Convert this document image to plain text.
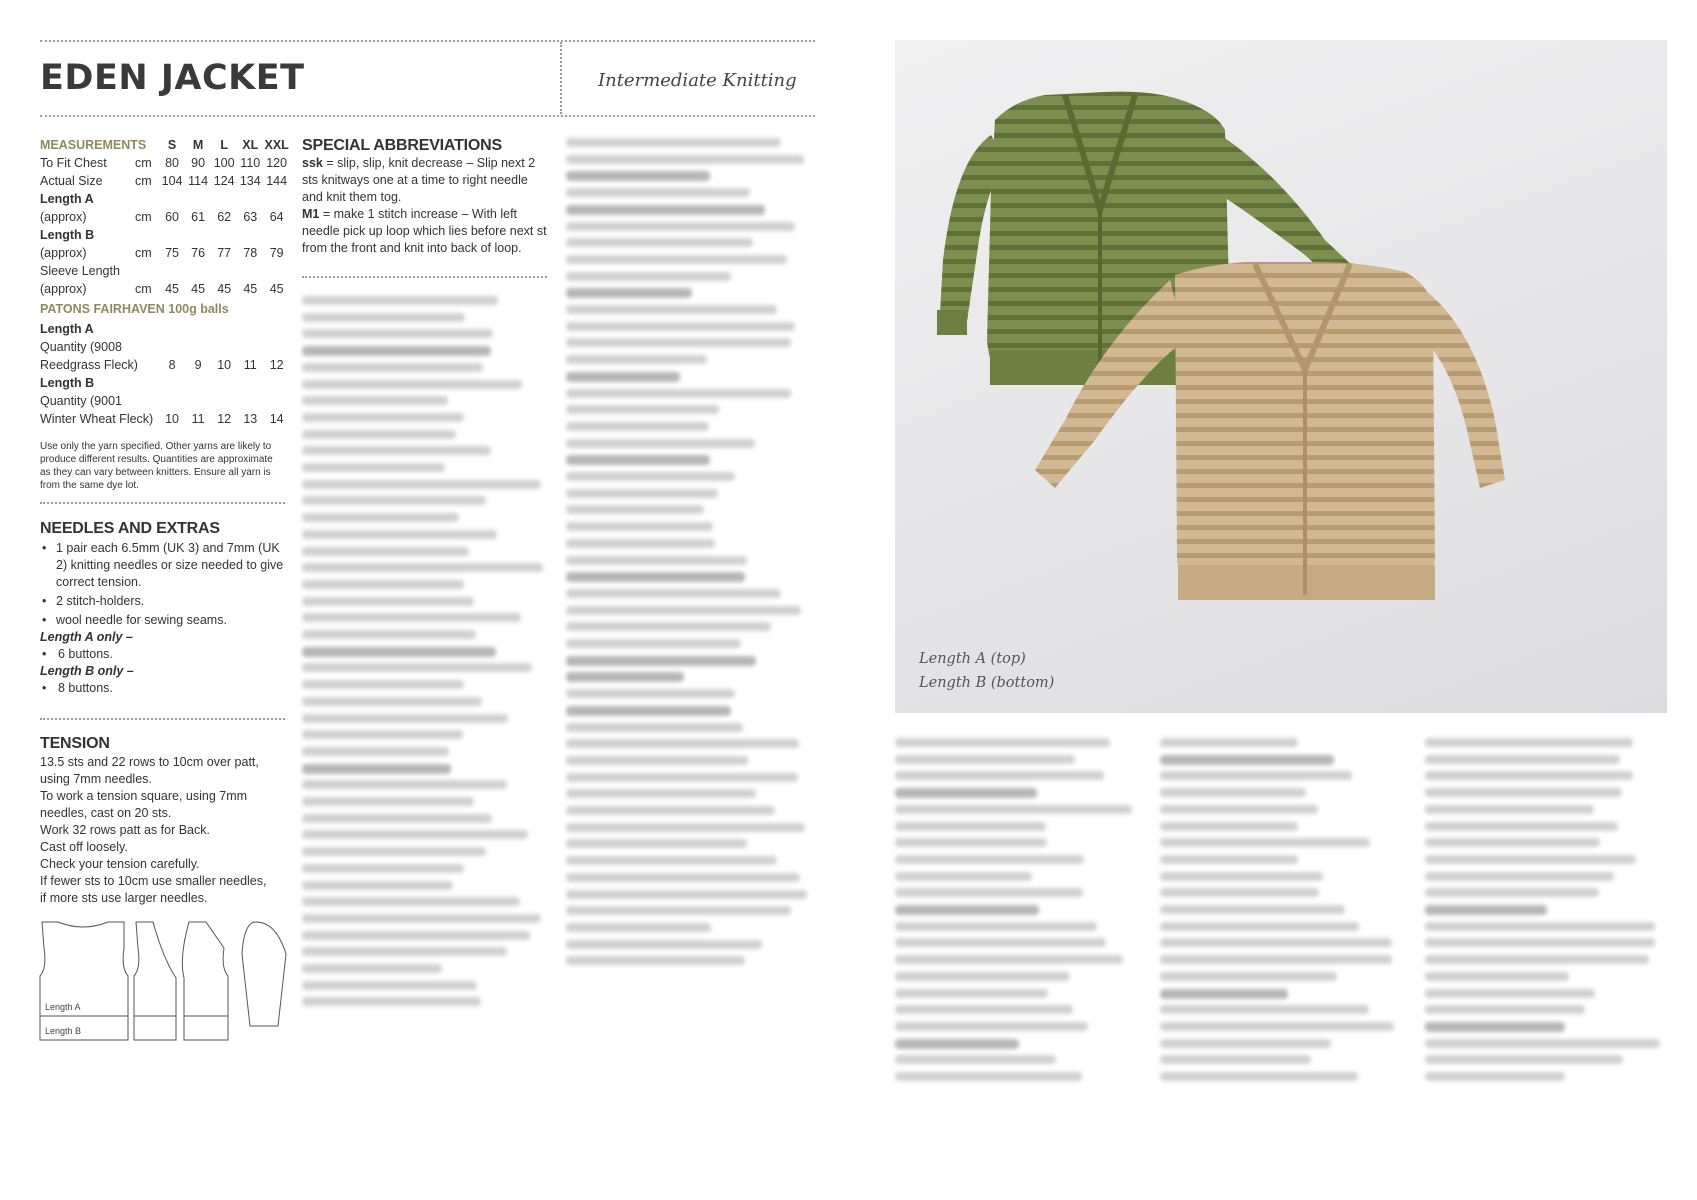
EDEN JACKET	Intermediate Knitting
MEASUREMENTS		S	M	L	XL	XXL
To Fit Chest	cm	80	90	100	110	120
Actual Size	cm	104	114	124	134	144
Length A						
(approx)	cm	60	61	62	63	64
Length B						
(approx)	cm	75	76	77	78	79
Sleeve Length						
(approx)	cm	45	45	45	45	45
PATONS FAIRHAVEN 100g balls						
Length A						
Quantity (9008						
Reedgrass Fleck)		8	9	10	11	12
Length B						
Quantity (9001						
Winter Wheat Fleck)		10	11	12	13	14
Use only the yarn specified. Other yarns are likely to produce different results. Quantities are approximate as they can vary between knitters. Ensure all yarn is from the same dye lot.
NEEDLES AND EXTRAS
• 1 pair each 6.5mm (UK 3) and 7mm (UK 2) knitting needles or size needed to give correct tension.
• 2 stitch-holders.
• wool needle for sewing seams.
Length A only –
• 6 buttons.
Length B only –
• 8 buttons.
TENSION
13.5 sts and 22 rows to 10cm over patt, using 7mm needles.
To work a tension square, using 7mm needles, cast on 20 sts.
Work 32 rows patt as for Back.
Cast off loosely.
Check your tension carefully.
If fewer sts to 10cm use smaller needles,
if more sts use larger needles.
Length A
Length B
SPECIAL ABBREVIATIONS
ssk = slip, slip, knit decrease – Slip next 2 sts knitways one at a time to right needle and knit them tog.
M1 = make 1 stitch increase – With left needle pick up loop which lies before next st from the front and knit into back of loop.
Length A (top)
Length B (bottom)
